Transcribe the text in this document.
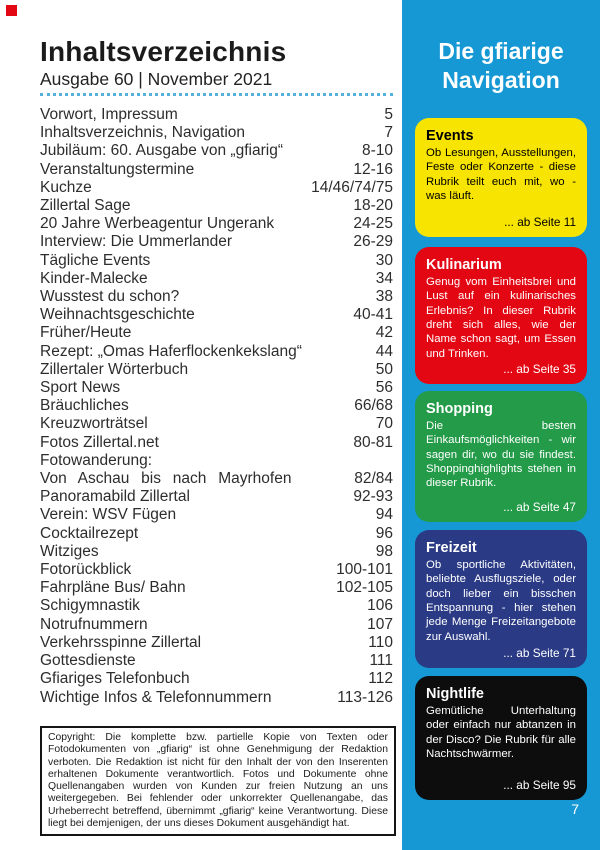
Inhaltsverzeichnis
Ausgabe 60 | November 2021
Vorwort, Impressum	5
Inhaltsverzeichnis, Navigation	7
Jubiläum: 60. Ausgabe von „gfiarig“	8-10
Veranstaltungstermine	12-16
Kuchze	14/46/74/75
Zillertal Sage	18-20
20 Jahre Werbeagentur Ungerank	24-25
Interview: Die Ummerlander	26-29
Tägliche Events	30
Kinder-Malecke	34
Wusstest du schon?	38
Weihnachtsgeschichte	40-41
Früher/Heute	42
Rezept: „Omas Haferflockenkekslang“	44
Zillertaler Wörterbuch	50
Sport News	56
Bräuchliches	66/68
Kreuzworträtsel	70
Fotos Zillertal.net	80-81
Fotowanderung:
Von Aschau bis nach Mayrhofen	82/84
Panoramabild Zillertal	92-93
Verein: WSV Fügen	94
Cocktailrezept	96
Witziges	98
Fotorückblick	100-101
Fahrpläne Bus/ Bahn	102-105
Schigymnastik	106
Notrufnummern	107
Verkehrsspinne Zillertal	110
Gottesdienste	111
Gfiariges Telefonbuch	112
Wichtige Infos & Telefonnummern	113-126

Copyright: Die komplette bzw. partielle Kopie von Texten oder Fotodokumenten von „gfiarig“ ist ohne Genehmigung der Redaktion verboten. Die Redaktion ist nicht für den Inhalt der von den Inserenten erhaltenen Dokumente verantwortlich. Fotos und Dokumente ohne Quellenangaben wurden von Kunden zur freien Nutzung an uns weitergegeben. Bei fehlender oder unkorrekter Quellenangabe, das Urheberrecht betreffend, übernimmt „gfiarig“ keine Verantwortung. Diese liegt bei demjenigen, der uns dieses Dokument ausgehändigt hat.

Die gfiarige
Navigation
Events
Ob Lesungen, Ausstellungen, Feste oder Konzerte - diese Rubrik teilt euch mit, wo - was läuft.
... ab Seite 11
Kulinarium
Genug vom Einheitsbrei und Lust auf ein kulinarisches Erlebnis? In dieser Rubrik dreht sich alles, wie der Name schon sagt, um Essen und Trinken.
... ab Seite 35
Shopping
Die besten Einkaufsmöglichkeiten - wir sagen dir, wo du sie findest. Shoppinghighlights stehen in dieser Rubrik.
... ab Seite 47
Freizeit
Ob sportliche Aktivitäten, beliebte Ausflugsziele, oder doch lieber ein bisschen Entspannung - hier stehen jede Menge Freizeitangebote zur Auswahl.
... ab Seite 71
Nightlife
Gemütliche Unterhaltung oder einfach nur abtanzen in der Disco? Die Rubrik für alle Nachtschwärmer.
... ab Seite 95
7
